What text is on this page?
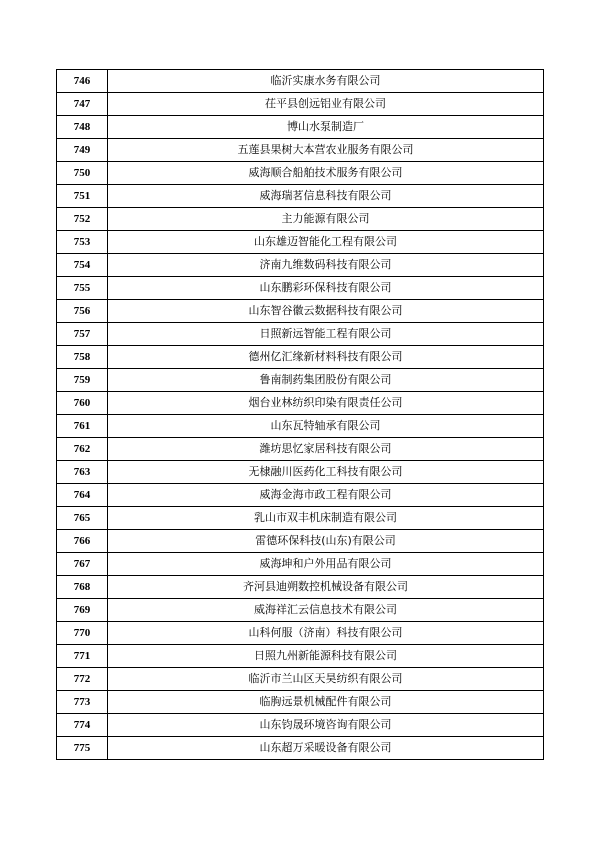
746	临沂实康水务有限公司
747	茌平县创远铝业有限公司
748	博山水泵制造厂
749	五莲县果树大本营农业服务有限公司
750	威海顺合船舶技术服务有限公司
751	威海瑞茗信息科技有限公司
752	主力能源有限公司
753	山东雄迈智能化工程有限公司
754	济南九维数码科技有限公司
755	山东鹏彩环保科技有限公司
756	山东智谷徽云数据科技有限公司
757	日照新远智能工程有限公司
758	德州亿汇缘新材料科技有限公司
759	鲁南制药集团股份有限公司
760	烟台业林纺织印染有限责任公司
761	山东瓦特轴承有限公司
762	潍坊思忆家居科技有限公司
763	无棣融川医药化工科技有限公司
764	威海金海市政工程有限公司
765	乳山市双丰机床制造有限公司
766	雷德环保科技(山东)有限公司
767	威海坤和户外用品有限公司
768	齐河县迪朔数控机械设备有限公司
769	威海祥汇云信息技术有限公司
770	山科何服（济南）科技有限公司
771	日照九州新能源科技有限公司
772	临沂市兰山区天昊纺织有限公司
773	临朐远景机械配件有限公司
774	山东钧晟环境咨询有限公司
775	山东超万采暖设备有限公司
